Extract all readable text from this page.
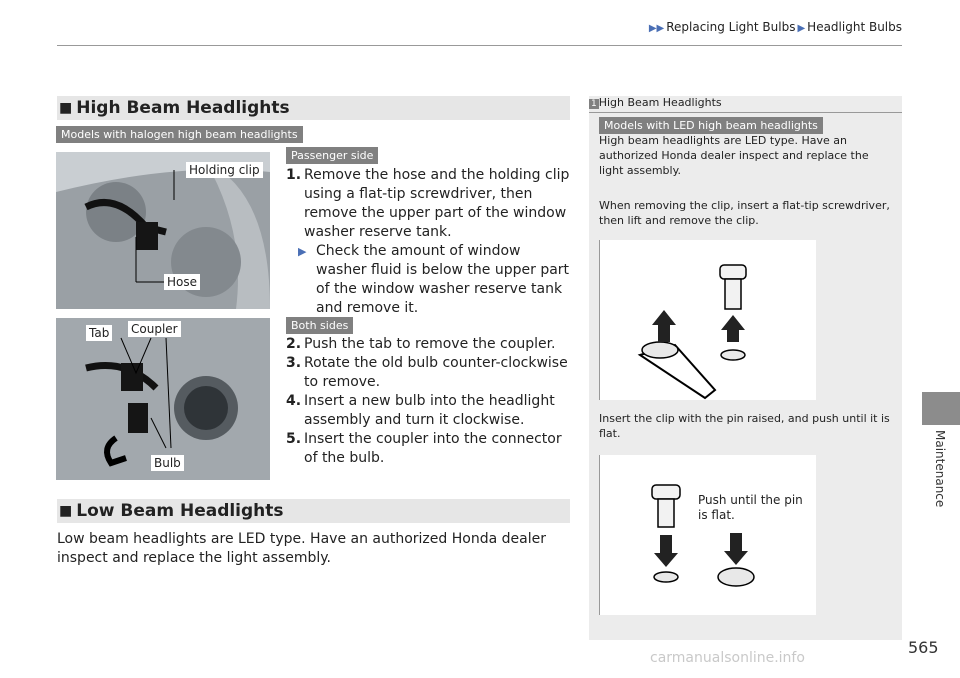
▶▶ Replacing Light Bulbs ▶ Headlight Bulbs
Maintenance
■ High Beam Headlights
Models with halogen high beam headlights
Holding clip
Hose
Tab Coupler
Bulb
Passenger side
1. Remove the hose and the holding clip using a flat-tip screwdriver, then remove the upper part of the window washer reserve tank.
▶ Check the amount of window washer fluid is below the upper part of the window washer reserve tank and remove it.
Both sides
2. Push the tab to remove the coupler.
3. Rotate the old bulb counter-clockwise to remove.
4. Insert a new bulb into the headlight assembly and turn it clockwise.
5. Insert the coupler into the connector of the bulb.
■ Low Beam Headlights
Low beam headlights are LED type. Have an authorized Honda dealer inspect and replace the light assembly.
1 High Beam Headlights
Models with LED high beam headlights
High beam headlights are LED type. Have an authorized Honda dealer inspect and replace the light assembly.
When removing the clip, insert a flat-tip screwdriver, then lift and remove the clip.
Insert the clip with the pin raised, and push until it is flat.
Push until the pin
is flat.
565
carmanualsonline.info
